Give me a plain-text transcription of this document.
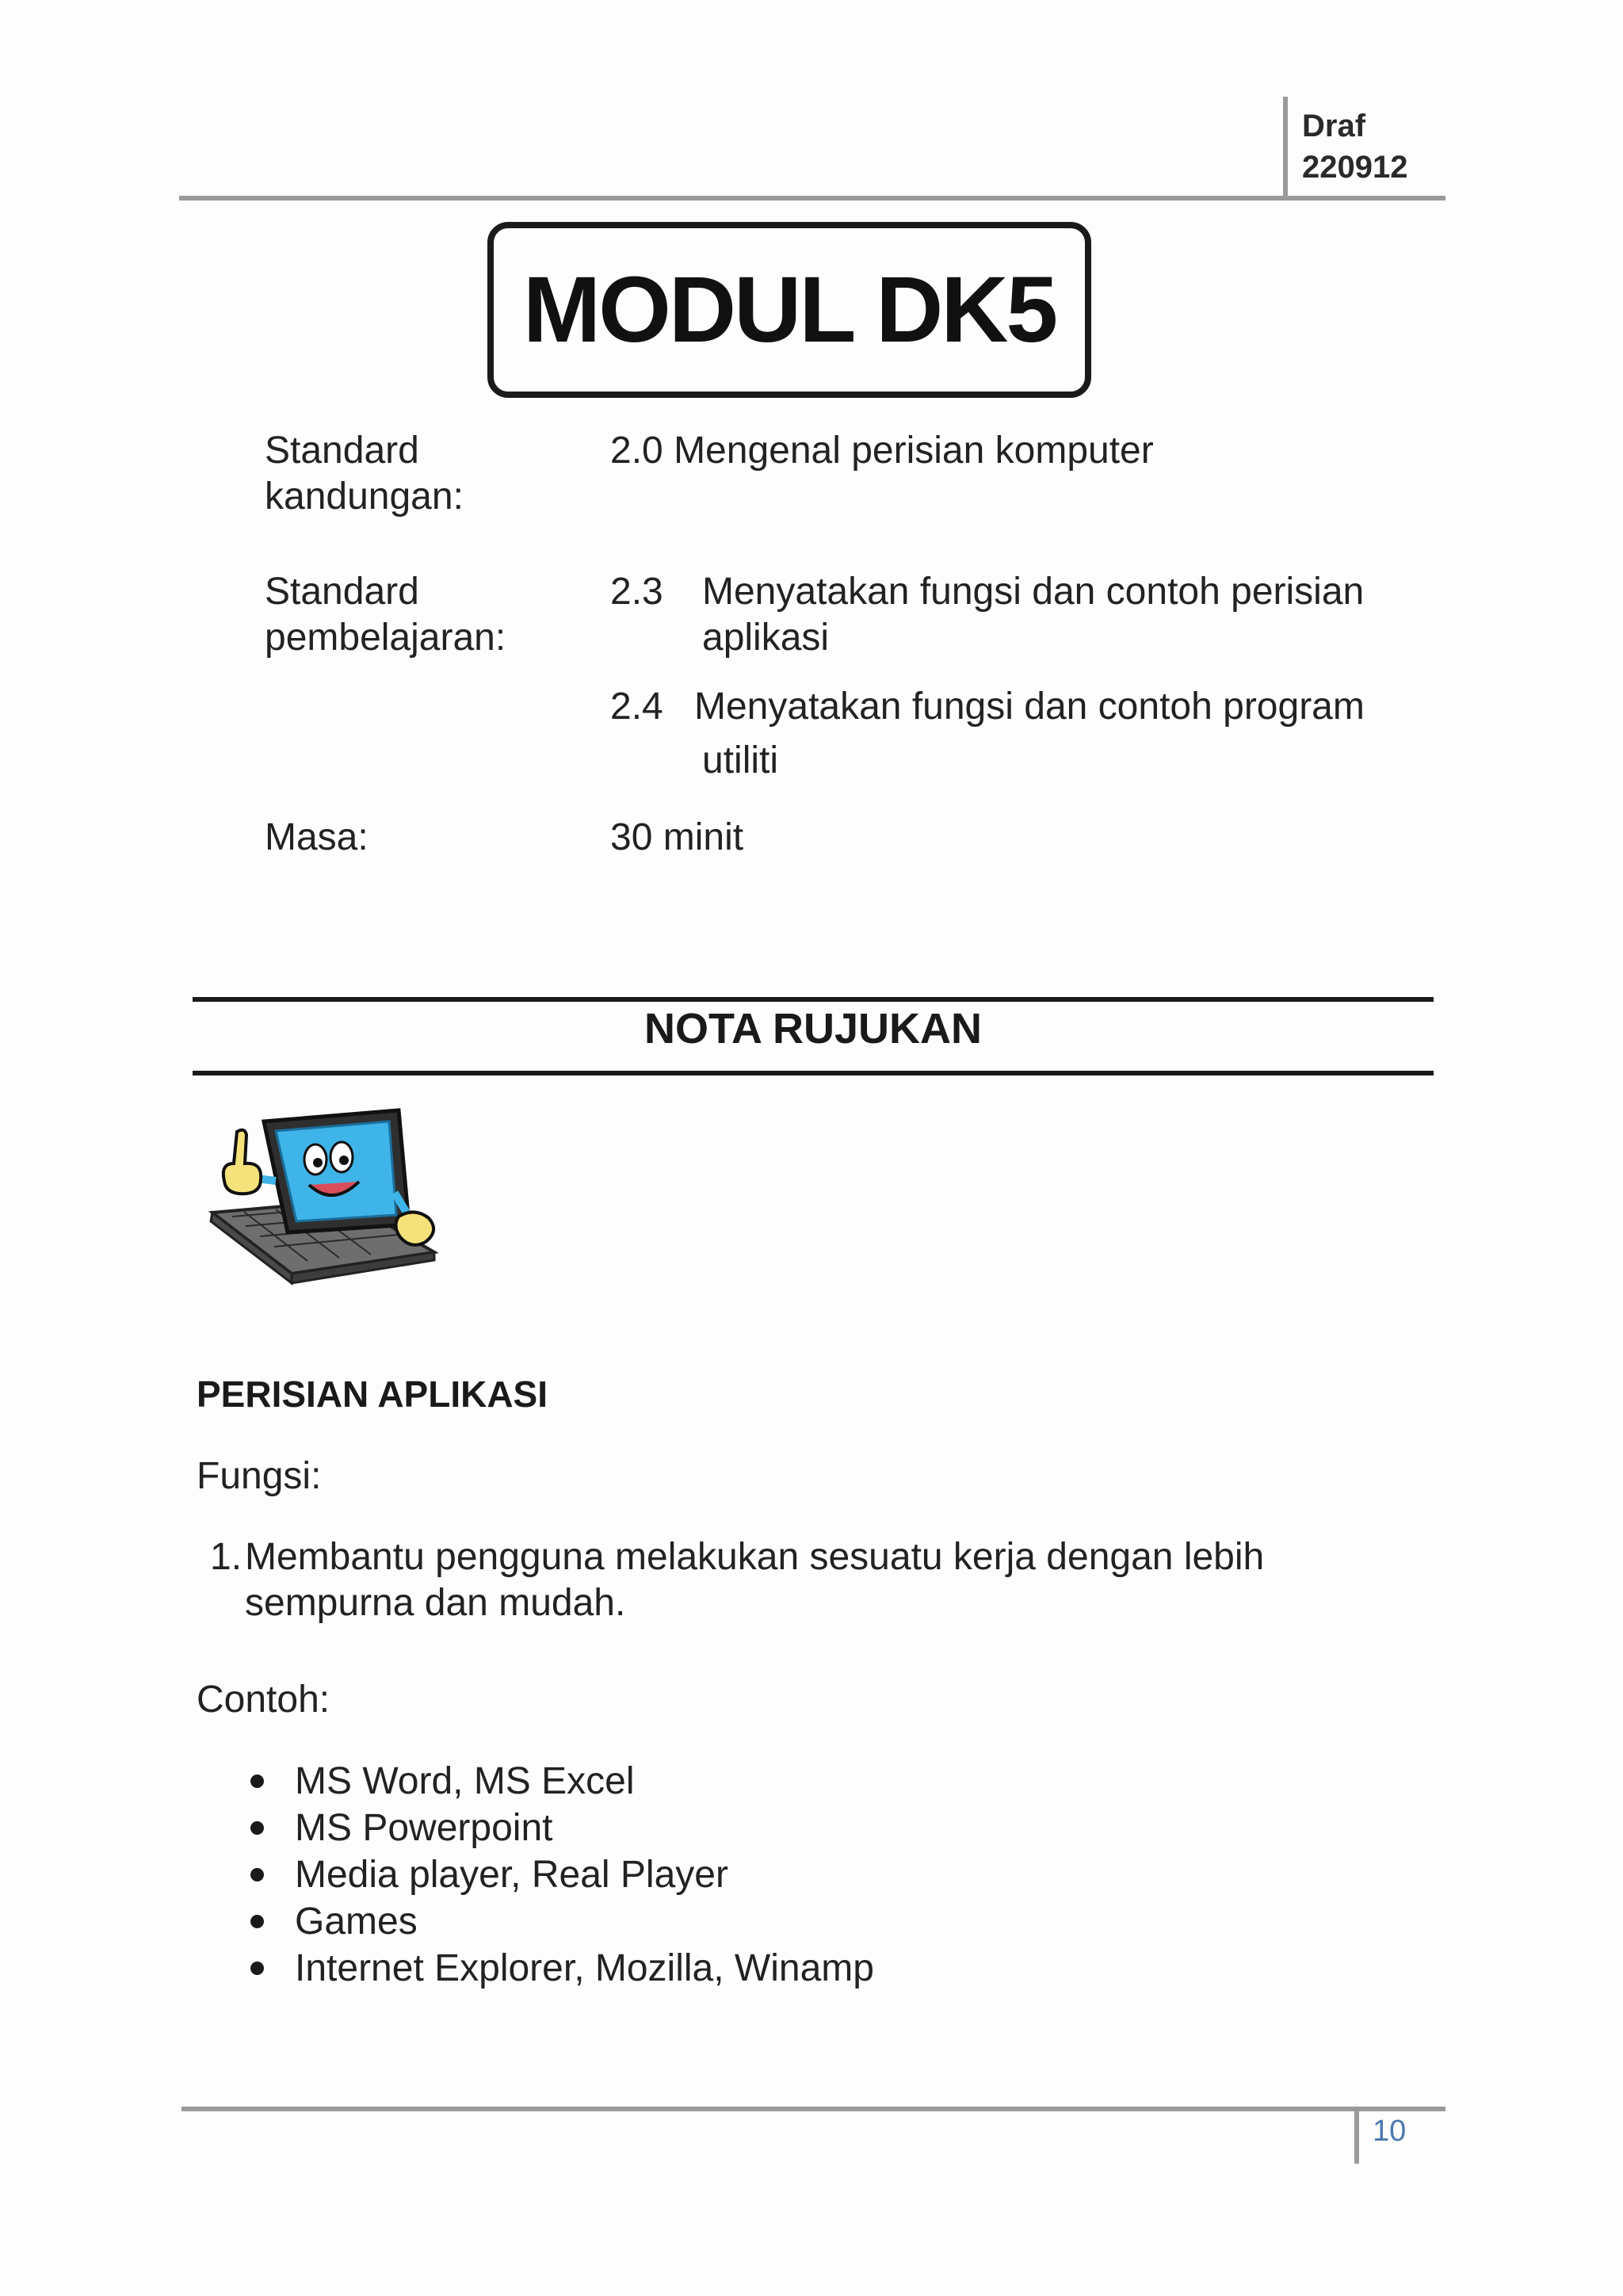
Draf
220912
MODUL DK5
Standard
kandungan:
2.0 Mengenal perisian komputer
Standard
pembelajaran:
2.3 Menyatakan fungsi dan contoh perisian
aplikasi
2.4 Menyatakan fungsi dan contoh program
utiliti
Masa:	30 minit
NOTA RUJUKAN
PERISIAN APLIKASI
Fungsi:
1. Membantu pengguna melakukan sesuatu kerja dengan lebih
sempurna dan mudah.
Contoh:
MS Word, MS Excel
MS Powerpoint
Media player, Real Player
Games
Internet Explorer, Mozilla, Winamp
10
